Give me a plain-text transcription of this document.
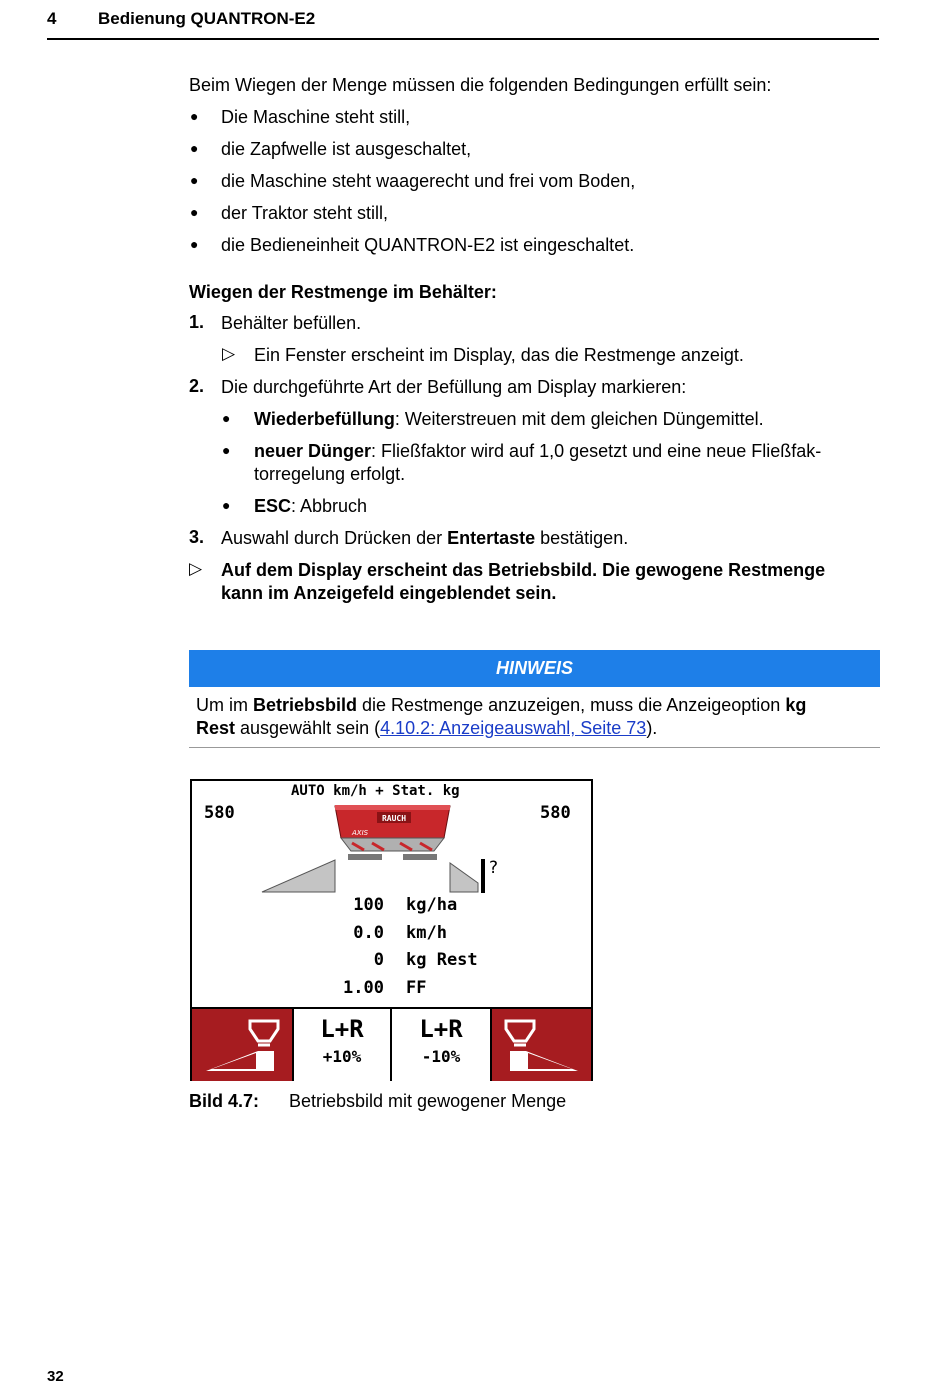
4 Bedienung QUANTRON-E2
Beim Wiegen der Menge müssen die folgenden Bedingungen erfüllt sein:
● Die Maschine steht still,
● die Zapfwelle ist ausgeschaltet,
● die Maschine steht waagerecht und frei vom Boden,
● der Traktor steht still,
● die Bedieneinheit QUANTRON-E2 ist eingeschaltet.
Wiegen der Restmenge im Behälter:
1. Behälter befüllen.
▷ Ein Fenster erscheint im Display, das die Restmenge anzeigt.
2. Die durchgeführte Art der Befüllung am Display markieren:
● Wiederbefüllung: Weiterstreuen mit dem gleichen Düngemittel.
● neuer Dünger: Fließfaktor wird auf 1,0 gesetzt und eine neue Fließfak-
torregelung erfolgt.
● ESC: Abbruch
3. Auswahl durch Drücken der Entertaste bestätigen.
▷ Auf dem Display erscheint das Betriebsbild. Die gewogene Restmenge
kann im Anzeigefeld eingeblendet sein.
HINWEIS
Um im Betriebsbild die Restmenge anzuzeigen, muss die Anzeigeoption kg
Rest ausgewählt sein (4.10.2: Anzeigeauswahl, Seite 73).
AUTO km/h + Stat. kg
580	580
RAUCH
AXIS
?
100 kg/ha
0.0 km/h
0 kg Rest
1.00 FF
L+R
+10%
L+R
-10%
Bild 4.7: Betriebsbild mit gewogener Menge
32
